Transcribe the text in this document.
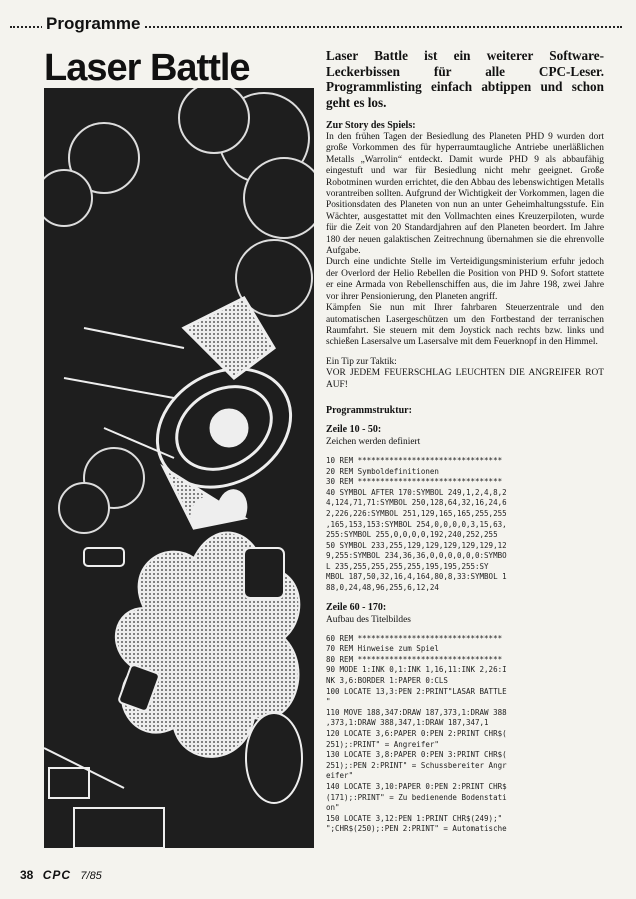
Programme
Laser Battle	Laser Battle ist ein weiterer Software-Leckerbissen für alle CPC-Leser. Programmlisting einfach abtippen und schon geht es los.

Zur Story des Spiels:

In den frühen Tagen der Besiedlung des Planeten PHD 9 wurden dort große Vorkommen des für hyperraumtaugliche Antriebe unerläßlichen Metalls „Warrolin“ entdeckt. Damit wurde PHD 9 als abbaufähig eingestuft und war für Besiedlung nicht mehr geeignet. Große Robotminen wurden errichtet, die den Abbau des lebenswichtigen Metalls vorantreiben sollten. Aufgrund der Wichtigkeit der Vorkommen, lagen die Positionsdaten des Planeten von nun an unter Geheimhaltungsstufe. Ein Wächter, ausgestattet mit den Vollmachten eines Kreuzerpiloten, wurde für die Zeit von 20 Standardjahren auf den Planeten beordert. Im Jahre 180 der neuen galaktischen Zeitrechnung übernahmen sie die ehrenvolle Aufgabe.

Durch eine undichte Stelle im Verteidigungsministerium erfuhr jedoch der Overlord der Helio Rebellen die Position von PHD 9. Sofort stattete er eine Armada von Rebellenschiffen aus, die im Jahre 198, zwei Jahre vor ihrer Pensionierung, den Planeten angriff.

Kämpfen Sie nun mit Ihrer fahrbaren Steuerzentrale und den automatischen Lasergeschützen um den Fortbestand der terranischen Raumfahrt. Sie steuern mit dem Joystick nach rechts bzw. links und schießen Lasersalve um Lasersalve mit dem Feuerknopf in den Himmel.

Ein Tip zur Taktik:
VOR JEDEM FEUERSCHLAG LEUCHTEN DIE ANGREIFER ROT AUF!

Programmstruktur:

Zeile 10 - 50:

Zeichen werden definiert

10 REM ********************************
20 REM Symboldefinitionen
30 REM ********************************
40 SYMBOL AFTER 170:SYMBOL 249,1,2,4,8,2
4,124,71,71:SYMBOL 250,128,64,32,16,24,6
2,226,226:SYMBOL 251,129,165,165,255,255
,165,153,153:SYMBOL 254,0,0,0,0,3,15,63,
255:SYMBOL 255,0,0,0,0,192,240,252,255
50 SYMBOL 233,255,129,129,129,129,129,12
9,255:SYMBOL 234,36,36,0,0,0,0,0,0:SYMBO
L 235,255,255,255,255,195,195,255:SY
MBOL 187,50,32,16,4,164,80,8,33:SYMBOL 1
88,0,24,48,96,255,6,12,24

Zeile 60 - 170:

Aufbau des Titelbildes

60 REM ********************************
70 REM Hinweise zum Spiel
80 REM ********************************
90 MODE 1:INK 0,1:INK 1,16,11:INK 2,26:I
NK 3,6:BORDER 1:PAPER 0:CLS
100 LOCATE 13,3:PEN 2:PRINT"LASAR BATTLE
"
110 MOVE 188,347:DRAW 187,373,1:DRAW 388
,373,1:DRAW 388,347,1:DRAW 187,347,1
120 LOCATE 3,6:PAPER 0:PEN 2:PRINT CHR$(
251);:PRINT" = Angreifer"
130 LOCATE 3,8:PAPER 0:PEN 3:PRINT CHR$(
251);:PEN 2:PRINT" = Schussbereiter Angr
eifer"
140 LOCATE 3,10:PAPER 0:PEN 2:PRINT CHR$
(171);:PRINT" = Zu bedienende Bodenstati
on"
150 LOCATE 3,12:PEN 1:PRINT CHR$(249);"
";CHR$(250);:PEN 2:PRINT" = Automatische
38 CPC 7/85
